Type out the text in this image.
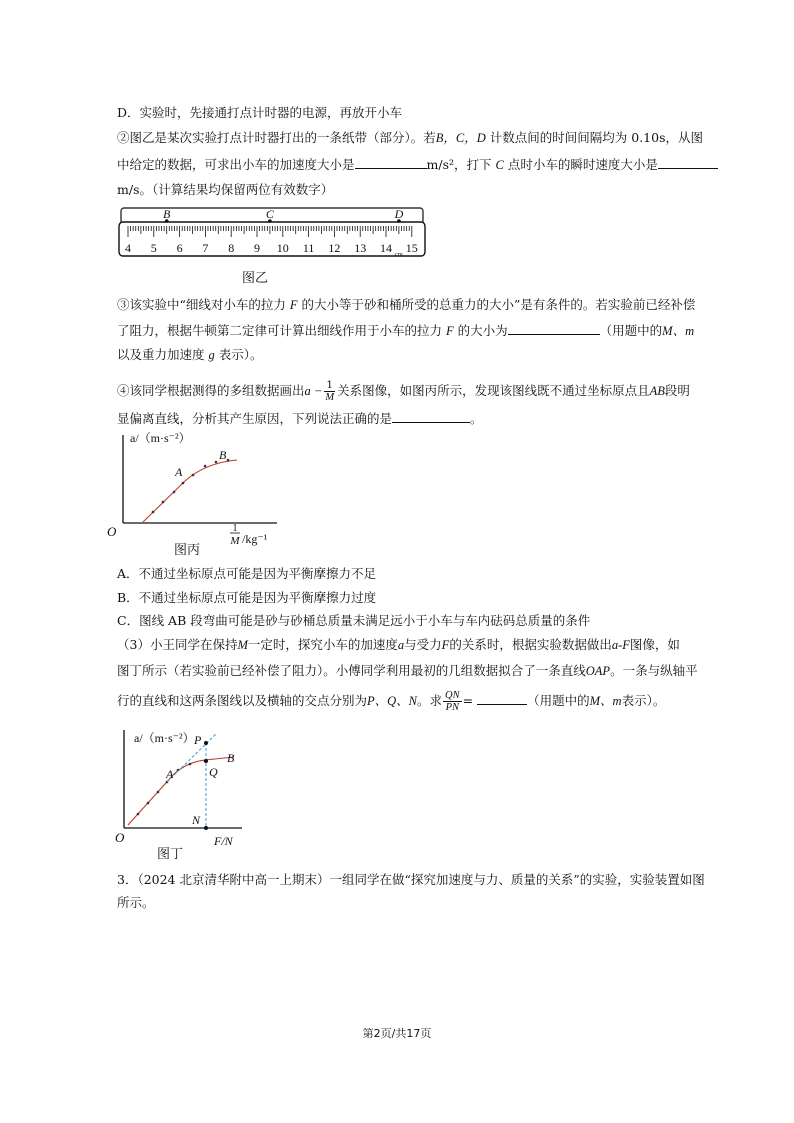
D．实验时，先接通打点计时器的电源，再放开小车
②图乙是某次实验打点计时器打出的一条纸带（部分）。若B，C，D 计数点间的时间间隔均为 0.10s，从图
中给定的数据，可求出小车的加速度大小是	m/s²，打下 C 点时小车的瞬时速度大小是
m/s。（计算结果均保留两位有效数字）
4 5 6 7 8 9 10 11 12 13 14 15
cm
B	C	D
图乙
③该实验中“细线对小车的拉力 F 的大小等于砂和桶所受的总重力的大小”是有条件的。若实验前已经补偿
了阻力，根据牛顿第二定律可计算出细线作用于小车的拉力 F 的大小为	（用题中的M、m
以及重力加速度 g 表示）。
④该同学根据测得的多组数据画出$a - \frac{1}{M}$ 关系图像，如图丙所示，发现该图线既不通过坐标原点且AB段明
显偏离直线，分析其产生原因，下列说法正确的是	。
a/（m·s⁻²）
O	1
M /kg⁻¹
A
B
图丙
A．不通过坐标原点可能是因为平衡摩擦力不足
B．不通过坐标原点可能是因为平衡摩擦力过度
C．图线 AB 段弯曲可能是砂与砂桶总质量未满足远小于小车与车内砝码总质量的条件
（3）小王同学在保持M一定时，探究小车的加速度a与受力F的关系时，根据实验数据做出a-F图像，如
图丁所示（若实验前已经补偿了阻力）。小傅同学利用最初的几组数据拟合了一条直线OAP。一条与纵轴平
行的直线和这两条图线以及横轴的交点分别为P、Q、N。求 $\frac{QN}{PN}$ =	（用题中的M、m表示）。
a/（m·s⁻²）
O	F/N
A
B
P
Q
N
图丁
3．（2024 北京清华附中高一上期末）一组同学在做“探究加速度与力、质量的关系”的实验，实验装置如图
所示。
第2页/共17页
